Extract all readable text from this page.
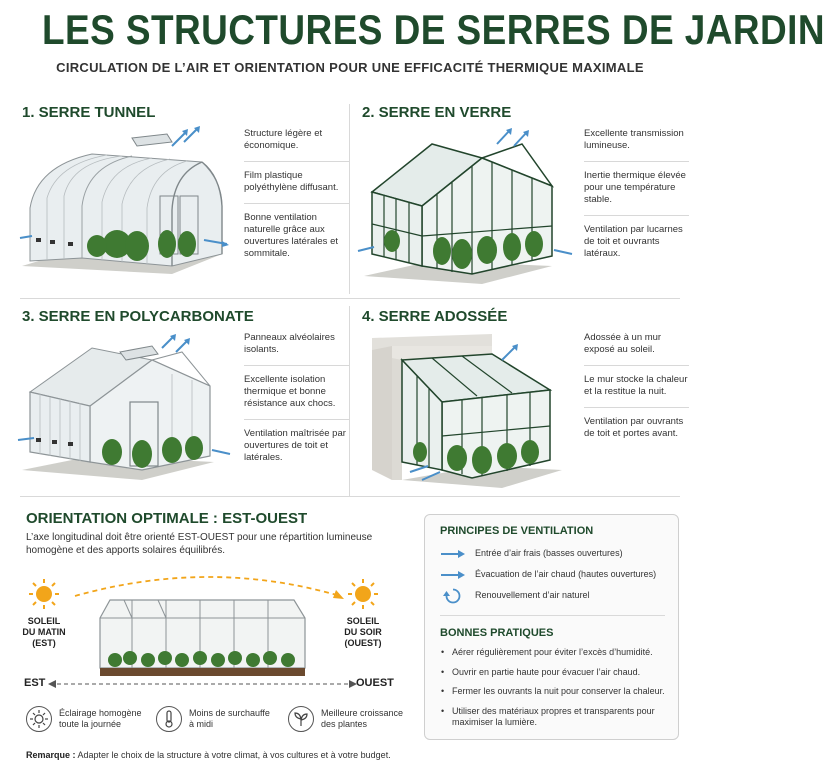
LES STRUCTURES DE SERRES DE JARDIN
CIRCULATION DE L’AIR ET ORIENTATION POUR UNE EFFICACITÉ THERMIQUE MAXIMALE
1. SERRE TUNNEL
Structure légère et économique.
Film plastique polyéthylène diffusant.
Bonne ventilation naturelle grâce aux ouvertures latérales et sommitale.
2. SERRE EN VERRE
Excellente transmission lumineuse.
Inertie thermique élevée pour une température stable.
Ventilation par lucarnes de toit et ouvrants latéraux.
3. SERRE EN POLYCARBONATE
Panneaux alvéolaires isolants.
Excellente isolation thermique et bonne résistance aux chocs.
Ventilation maîtrisée par ouvertures de toit et latérales.
4. SERRE ADOSSÉE
Adossée à un mur exposé au soleil.
Le mur stocke la chaleur et la restitue la nuit.
Ventilation par ouvrants de toit et portes avant.
ORIENTATION OPTIMALE : EST-OUEST
L’axe longitudinal doit être orienté EST-OUEST pour une répartition lumineuse homogène et des apports solaires équilibrés.
SOLEIL
DU MATIN
(EST)
SOLEIL
DU SOIR
(OUEST)
EST	OUEST
Éclairage homogène toute la journée
Moins de surchauffe à midi
Meilleure croissance des plantes
Remarque : Adapter le choix de la structure à votre climat, à vos cultures et à votre budget.
PRINCIPES DE VENTILATION
Entrée d’air frais (basses ouvertures)
Évacuation de l’air chaud (hautes ouvertures)
Renouvellement d’air naturel
BONNES PRATIQUES
• Aérer régulièrement pour éviter l’excès d’humidité.
• Ouvrir en partie haute pour évacuer l’air chaud.
• Fermer les ouvrants la nuit pour conserver la chaleur.
• Utiliser des matériaux propres et transparents pour maximiser la lumière.
